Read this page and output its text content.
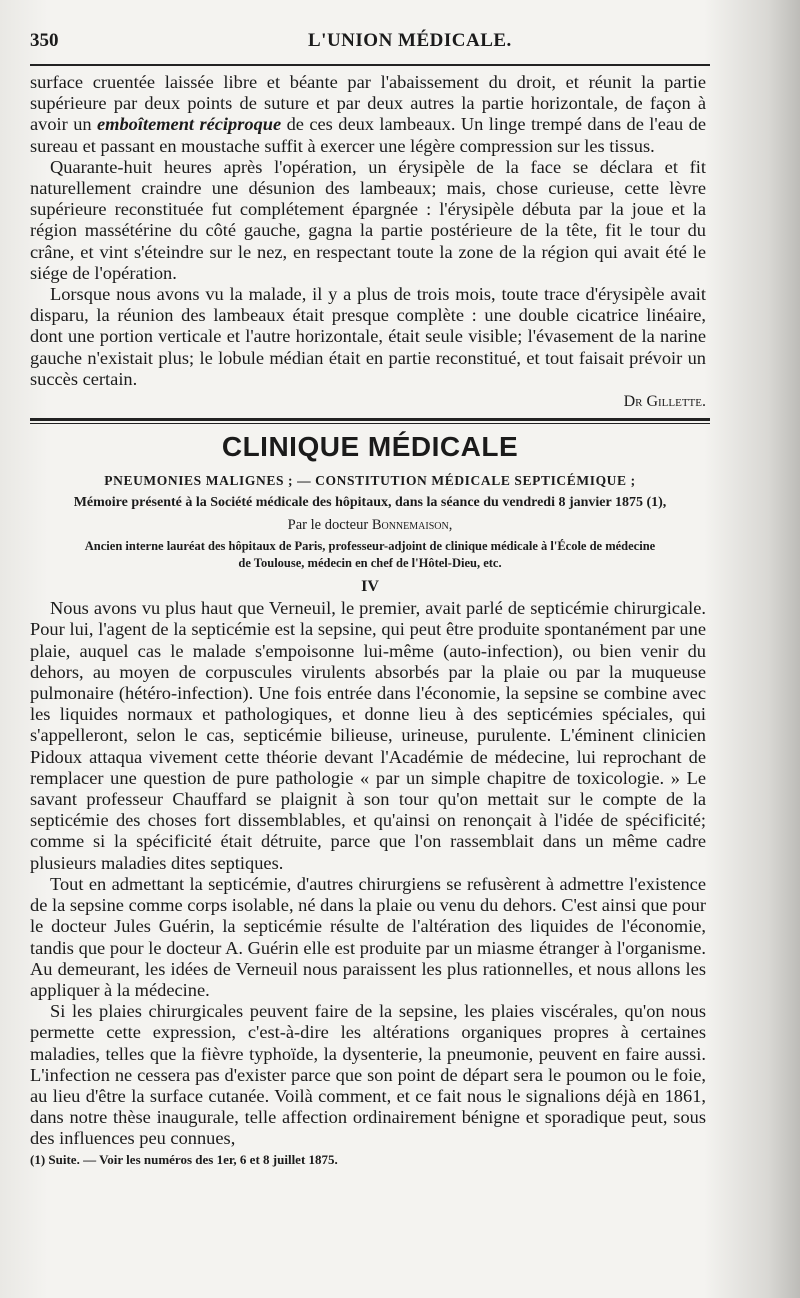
350	L'UNION MÉDICALE.

surface cruentée laissée libre et béante par l'abaissement du droit, et réunit la partie supérieure par deux points de suture et par deux autres la partie horizontale, de façon à avoir un emboîtement réciproque de ces deux lambeaux. Un linge trempé dans de l'eau de sureau et passant en moustache suffit à exercer une légère compression sur les tissus.

Quarante-huit heures après l'opération, un érysipèle de la face se déclara et fit naturellement craindre une désunion des lambeaux; mais, chose curieuse, cette lèvre supérieure reconstituée fut complétement épargnée : l'érysipèle débuta par la joue et la région massétérine du côté gauche, gagna la partie postérieure de la tête, fit le tour du crâne, et vint s'éteindre sur le nez, en respectant toute la zone de la région qui avait été le siége de l'opération.

Lorsque nous avons vu la malade, il y a plus de trois mois, toute trace d'érysipèle avait disparu, la réunion des lambeaux était presque complète : une double cicatrice linéaire, dont une portion verticale et l'autre horizontale, était seule visible; l'évasement de la narine gauche n'existait plus; le lobule médian était en partie reconstitué, et tout faisait prévoir un succès certain.

Dr Gillette.
CLINIQUE MÉDICALE
PNEUMONIES MALIGNES ; — CONSTITUTION MÉDICALE SEPTICÉMIQUE ;
Mémoire présenté à la Société médicale des hôpitaux, dans la séance du vendredi 8 janvier 1875 (1),
Par le docteur Bonnemaison,
Ancien interne lauréat des hôpitaux de Paris, professeur-adjoint de clinique médicale à l'École de médecine
de Toulouse, médecin en chef de l'Hôtel-Dieu, etc.
IV

Nous avons vu plus haut que Verneuil, le premier, avait parlé de septicémie chirurgicale. Pour lui, l'agent de la septicémie est la sepsine, qui peut être produite spontanément par une plaie, auquel cas le malade s'empoisonne lui-même (auto-infection), ou bien venir du dehors, au moyen de corpuscules virulents absorbés par la plaie ou par la muqueuse pulmonaire (hétéro-infection). Une fois entrée dans l'économie, la sepsine se combine avec les liquides normaux et pathologiques, et donne lieu à des septicémies spéciales, qui s'appelleront, selon le cas, septicémie bilieuse, urineuse, purulente. L'éminent clinicien Pidoux attaqua vivement cette théorie devant l'Académie de médecine, lui reprochant de remplacer une question de pure pathologie « par un simple chapitre de toxicologie. » Le savant professeur Chauffard se plaignit à son tour qu'on mettait sur le compte de la septicémie des choses fort dissemblables, et qu'ainsi on renonçait à l'idée de spécificité; comme si la spécificité était détruite, parce que l'on rassemblait dans un même cadre plusieurs maladies dites septiques.

Tout en admettant la septicémie, d'autres chirurgiens se refusèrent à admettre l'existence de la sepsine comme corps isolable, né dans la plaie ou venu du dehors. C'est ainsi que pour le docteur Jules Guérin, la septicémie résulte de l'altération des liquides de l'économie, tandis que pour le docteur A. Guérin elle est produite par un miasme étranger à l'organisme. Au demeurant, les idées de Verneuil nous paraissent les plus rationnelles, et nous allons les appliquer à la médecine.

Si les plaies chirurgicales peuvent faire de la sepsine, les plaies viscérales, qu'on nous permette cette expression, c'est-à-dire les altérations organiques propres à certaines maladies, telles que la fièvre typhoïde, la dysenterie, la pneumonie, peuvent en faire aussi. L'infection ne cessera pas d'exister parce que son point de départ sera le poumon ou le foie, au lieu d'être la surface cutanée. Voilà comment, et ce fait nous le signalions déjà en 1861, dans notre thèse inaugurale, telle affection ordinairement bénigne et sporadique peut, sous des influences peu connues,

(1) Suite. — Voir les numéros des 1er, 6 et 8 juillet 1875.
